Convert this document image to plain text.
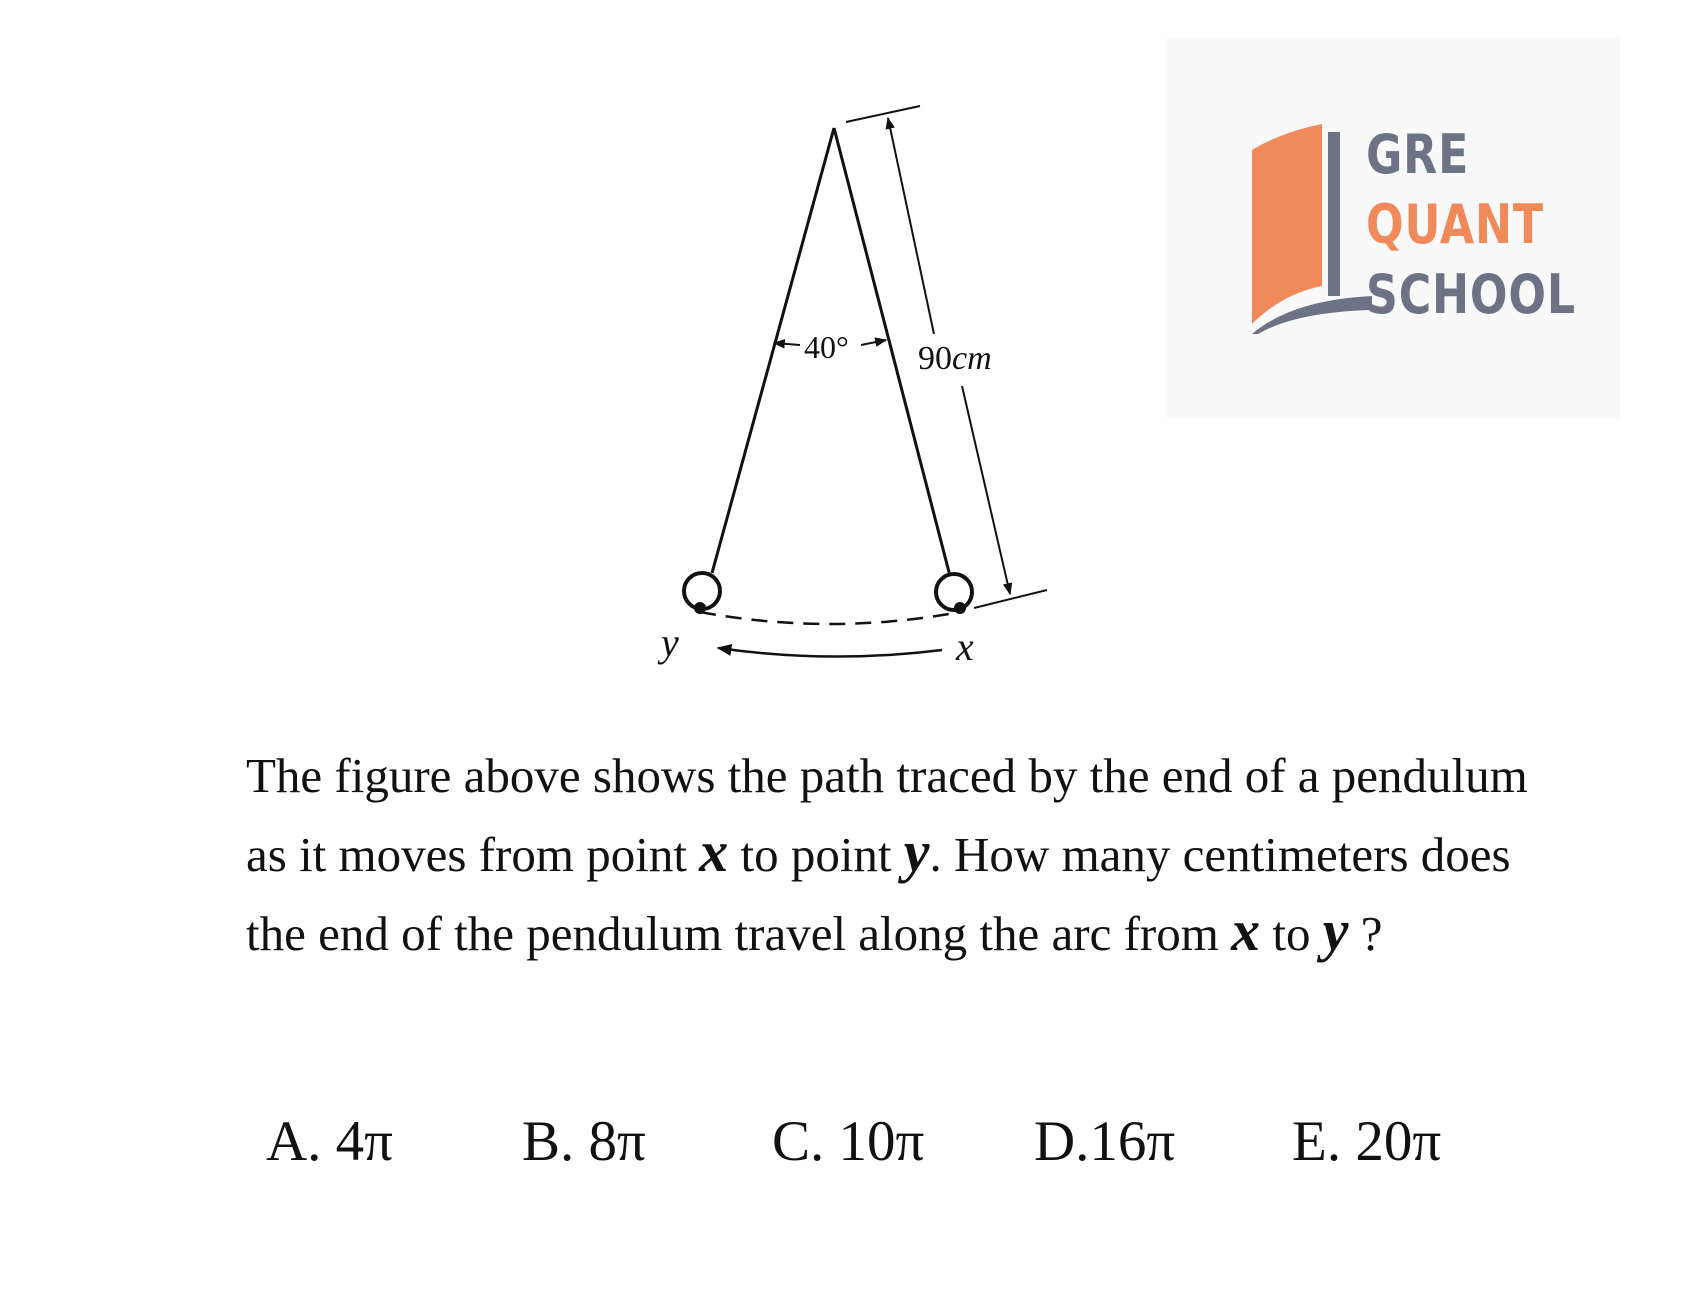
40° 90cm
y	x
GRE
QUANT
SCHOOL
The figure above shows the path traced by the end of a pendulum as it moves from point x to point y. How many centimeters does the end of the pendulum travel along the arc from x to y ?
A. 4π B. 8π C. 10π D.16π E. 20π
